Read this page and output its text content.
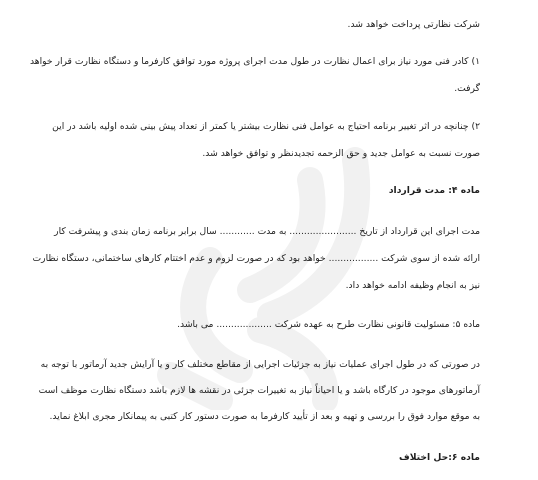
شرکت نظارتی پرداخت خواهد شد.
۱) کادر فنی مورد نیاز برای اعمال نظارت در طول مدت اجرای پروژه مورد توافق کارفرما و دستگاه نظارت قرار خواهد
گرفت.
۲) چنانچه در اثر تغییر برنامه احتیاج به عوامل فنی نظارت بیشتر یا کمتر از تعداد پیش بینی شده اولیه باشد در این
صورت نسبت به عوامل جدید و حق الزحمه تجدیدنظر و توافق خواهد شد.
ماده ۴: مدت قرارداد
مدت اجرای این قرارداد از تاریخ ....................... به مدت ............ سال برابر برنامه زمان بندی و پیشرفت کار
ارائه شده از سوی شرکت ................. خواهد بود که در صورت لزوم و عدم اختتام کارهای ساختمانی، دستگاه نظارت
نیز به انجام وظیفه ادامه خواهد داد.
ماده ۵: مسئولیت قانونی نظارت طرح به عهده شرکت ................... می باشد.
در صورتی که در طول اجرای عملیات نیاز به جزئیات اجرایی از مقاطع مختلف کار و یا آرایش جدید آرماتور با توجه به
آرماتورهای موجود در کارگاه باشد و یا احیاناً نیاز به تغییرات جزئی در نقشه ها لازم باشد دستگاه نظارت موظف است
به موقع موارد فوق را بررسی و تهیه و بعد از تأیید کارفرما به صورت دستور کار کتبی به پیمانکار مجری ابلاغ نماید.
ماده ۶:حل اختلاف
